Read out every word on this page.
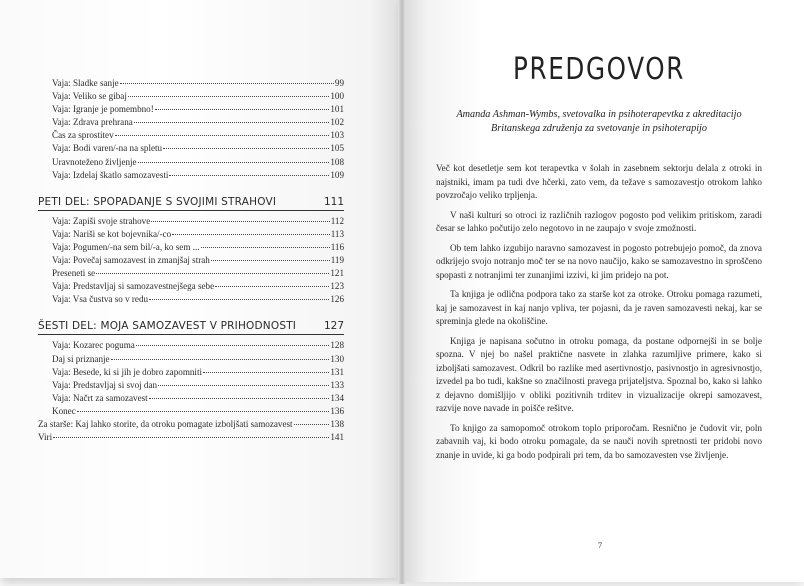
Vaja: Sladke sanje	99
Vaja: Veliko se gibaj	100
Vaja: Igranje je pomembno!	101
Vaja: Zdrava prehrana	102
Čas za sprostitev	103
Vaja: Bodi varen/-na na spletu	105
Uravnoteženo življenje	108
Vaja: Izdelaj škatlo samozavesti	109
PETI DEL: SPOPADANJE S SVOJIMI STRAHOVI	111
Vaja: Zapiši svoje strahove	112
Vaja: Nariši se kot bojevnika/-co	113
Vaja: Pogumen/-na sem bil/-a, ko sem ...	116
Vaja: Povečaj samozavest in zmanjšaj strah	119
Preseneti se	121
Vaja: Predstavljaj si samozavestnejšega sebe	123
Vaja: Vsa čustva so v redu	126
ŠESTI DEL: MOJA SAMOZAVEST V PRIHODNOSTI	127
Vaja: Kozarec poguma	128
Daj si priznanje	130
Vaja: Besede, ki si jih je dobro zapomniti	131
Vaja: Predstavljaj si svoj dan	133
Vaja: Načrt za samozavest	134
Konec	136
Za starše: Kaj lahko storite, da otroku pomagate izboljšati samozavest	138
Viri	141
PREDGOVOR
Amanda Ashman-Wymbs, svetovalka in psihoterapevtka z akreditacijo Britanskega združenja za svetovanje in psihoterapijo

Več kot desetletje sem kot terapevtka v šolah in zasebnem sektorju delala z otroki in najstniki, imam pa tudi dve hčerki, zato vem, da težave s samozavestjo otrokom lahko povzročajo veliko trpljenja.

V naši kulturi so otroci iz različnih razlogov pogosto pod velikim pritiskom, zaradi česar se lahko počutijo zelo negotovo in ne zaupajo v svoje zmožnosti.

Ob tem lahko izgubijo naravno samozavest in pogosto potrebujejo pomoč, da znova odkrijejo svojo notranjo moč ter se na novo naučijo, kako se samozavestno in sproščeno spopasti z notranjimi ter zunanjimi izzivi, ki jim pridejo na pot.

Ta knjiga je odlična podpora tako za starše kot za otroke. Otroku pomaga razumeti, kaj je samozavest in kaj nanjo vpliva, ter pojasni, da je raven samozavesti nekaj, kar se spreminja glede na okoliščine.

Knjiga je napisana sočutno in otroku pomaga, da postane odpornejši in se bolje spozna. V njej bo našel praktične nasvete in zlahka razumljive primere, kako si izboljšati samozavest. Odkril bo razlike med asertivnostjo, pasivnostjo in agresivnostjo, izvedel pa bo tudi, kakšne so značilnosti pravega prijateljstva. Spoznal bo, kako si lahko z dejavno domišljijo v obliki pozitivnih trditev in vizualizacije okrepi samozavest, razvije nove navade in poišče rešitve.

To knjigo za samopomoč otrokom toplo priporočam. Resnično je čudovit vir, poln zabavnih vaj, ki bodo otroku pomagale, da se nauči novih spretnosti ter pridobi novo znanje in uvide, ki ga bodo podpirali pri tem, da bo samozavesten vse življenje.

7
